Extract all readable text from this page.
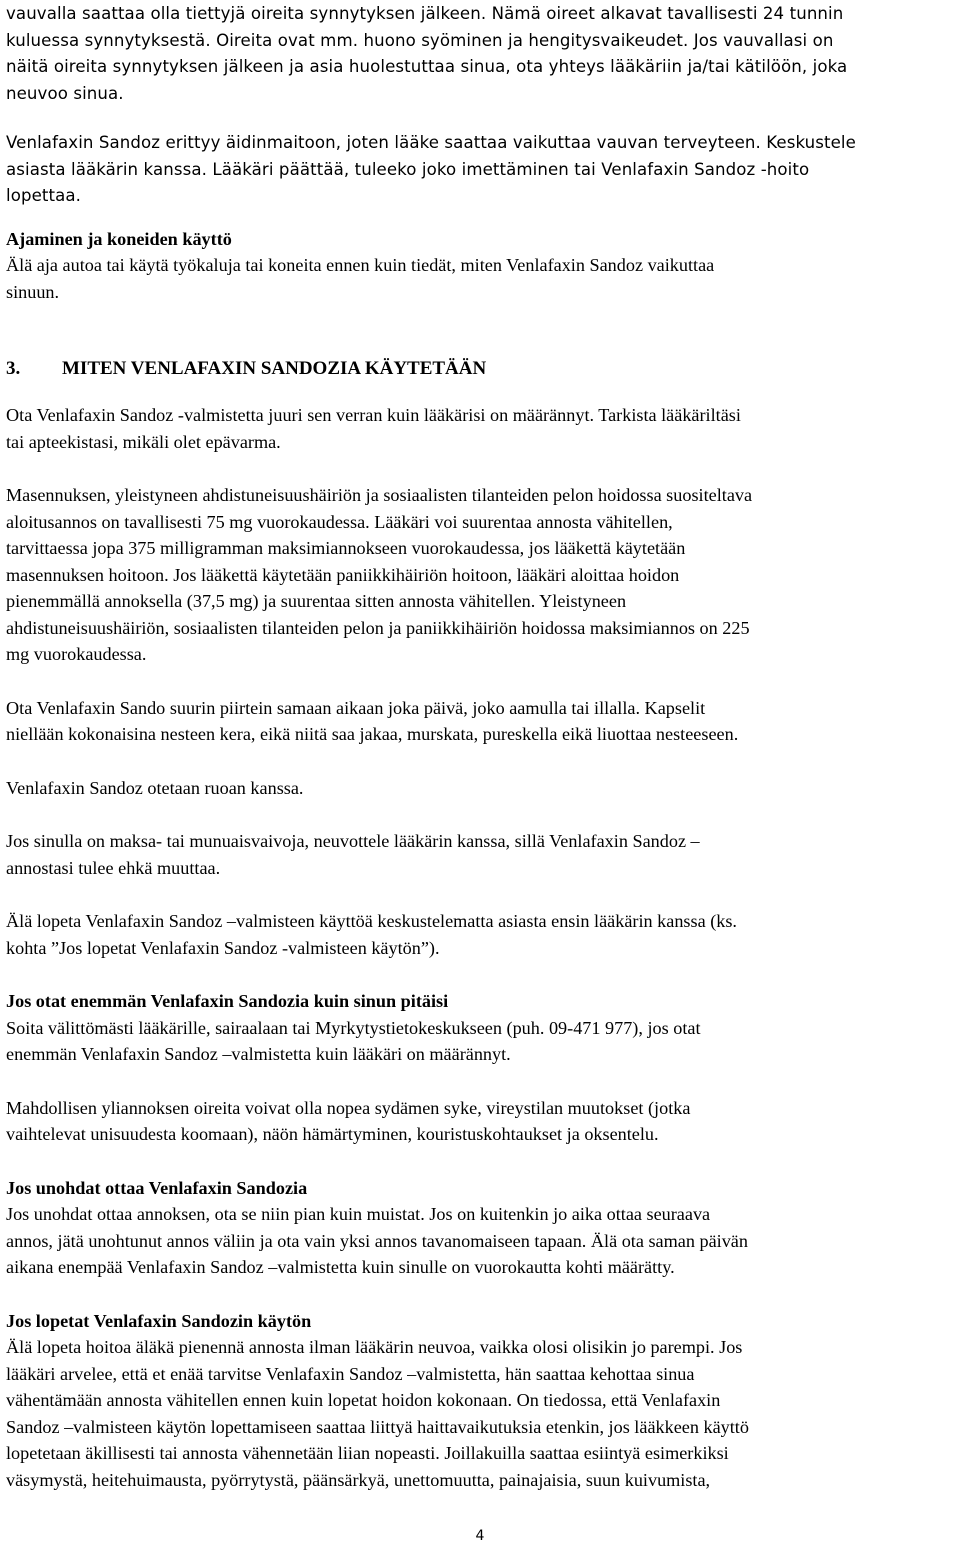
vauvalla saattaa olla tiettyjä oireita synnytyksen jälkeen. Nämä oireet alkavat tavallisesti 24 tunnin

kuluessa synnytyksestä. Oireita ovat mm. huono syöminen ja hengitysvaikeudet. Jos vauvallasi on

näitä oireita synnytyksen jälkeen ja asia huolestuttaa sinua, ota yhteys lääkäriin ja/tai kätilöön, joka

neuvoo sinua.

Venlafaxin Sandoz erittyy äidinmaitoon, joten lääke saattaa vaikuttaa vauvan terveyteen. Keskustele

asiasta lääkärin kanssa. Lääkäri päättää, tuleeko joko imettäminen tai Venlafaxin Sandoz -hoito

lopettaa.

Ajaminen ja koneiden käyttö

Älä aja autoa tai käytä työkaluja tai koneita ennen kuin tiedät, miten Venlafaxin Sandoz vaikuttaa

sinuun.

3. MITEN VENLAFAXIN SANDOZIA KÄYTETÄÄN

Ota Venlafaxin Sandoz -valmistetta juuri sen verran kuin lääkärisi on määrännyt. Tarkista lääkäriltäsi

tai apteekistasi, mikäli olet epävarma.

Masennuksen, yleistyneen ahdistuneisuushäiriön ja sosiaalisten tilanteiden pelon hoidossa suositeltava

aloitusannos on tavallisesti 75 mg vuorokaudessa. Lääkäri voi suurentaa annosta vähitellen,

tarvittaessa jopa 375 milligramman maksimiannokseen vuorokaudessa, jos lääkettä käytetään

masennuksen hoitoon. Jos lääkettä käytetään paniikkihäiriön hoitoon, lääkäri aloittaa hoidon

pienemmällä annoksella (37,5 mg) ja suurentaa sitten annosta vähitellen. Yleistyneen

ahdistuneisuushäiriön, sosiaalisten tilanteiden pelon ja paniikkihäiriön hoidossa maksimiannos on 225

mg vuorokaudessa.

Ota Venlafaxin Sando suurin piirtein samaan aikaan joka päivä, joko aamulla tai illalla. Kapselit

niellään kokonaisina nesteen kera, eikä niitä saa jakaa, murskata, pureskella eikä liuottaa nesteeseen.

Venlafaxin Sandoz otetaan ruoan kanssa.

Jos sinulla on maksa- tai munuaisvaivoja, neuvottele lääkärin kanssa, sillä Venlafaxin Sandoz –

annostasi tulee ehkä muuttaa.

Älä lopeta Venlafaxin Sandoz –valmisteen käyttöä keskustelematta asiasta ensin lääkärin kanssa (ks.

kohta ”Jos lopetat Venlafaxin Sandoz -valmisteen käytön”).

Jos otat enemmän Venlafaxin Sandozia kuin sinun pitäisi

Soita välittömästi lääkärille, sairaalaan tai Myrkytystietokeskukseen (puh. 09-471 977), jos otat

enemmän Venlafaxin Sandoz –valmistetta kuin lääkäri on määrännyt.

Mahdollisen yliannoksen oireita voivat olla nopea sydämen syke, vireystilan muutokset (jotka

vaihtelevat unisuudesta koomaan), näön hämärtyminen, kouristuskohtaukset ja oksentelu.

Jos unohdat ottaa Venlafaxin Sandozia

Jos unohdat ottaa annoksen, ota se niin pian kuin muistat. Jos on kuitenkin jo aika ottaa seuraava

annos, jätä unohtunut annos väliin ja ota vain yksi annos tavanomaiseen tapaan. Älä ota saman päivän

aikana enempää Venlafaxin Sandoz –valmistetta kuin sinulle on vuorokautta kohti määrätty.

Jos lopetat Venlafaxin Sandozin käytön

Älä lopeta hoitoa äläkä pienennä annosta ilman lääkärin neuvoa, vaikka olosi olisikin jo parempi. Jos

lääkäri arvelee, että et enää tarvitse Venlafaxin Sandoz –valmistetta, hän saattaa kehottaa sinua

vähentämään annosta vähitellen ennen kuin lopetat hoidon kokonaan. On tiedossa, että Venlafaxin

Sandoz –valmisteen käytön lopettamiseen saattaa liittyä haittavaikutuksia etenkin, jos lääkkeen käyttö

lopetetaan äkillisesti tai annosta vähennetään liian nopeasti. Joillakuilla saattaa esiintyä esimerkiksi

väsymystä, heitehuimausta, pyörrytystä, päänsärkyä, unettomuutta, painajaisia, suun kuivumista,

4
